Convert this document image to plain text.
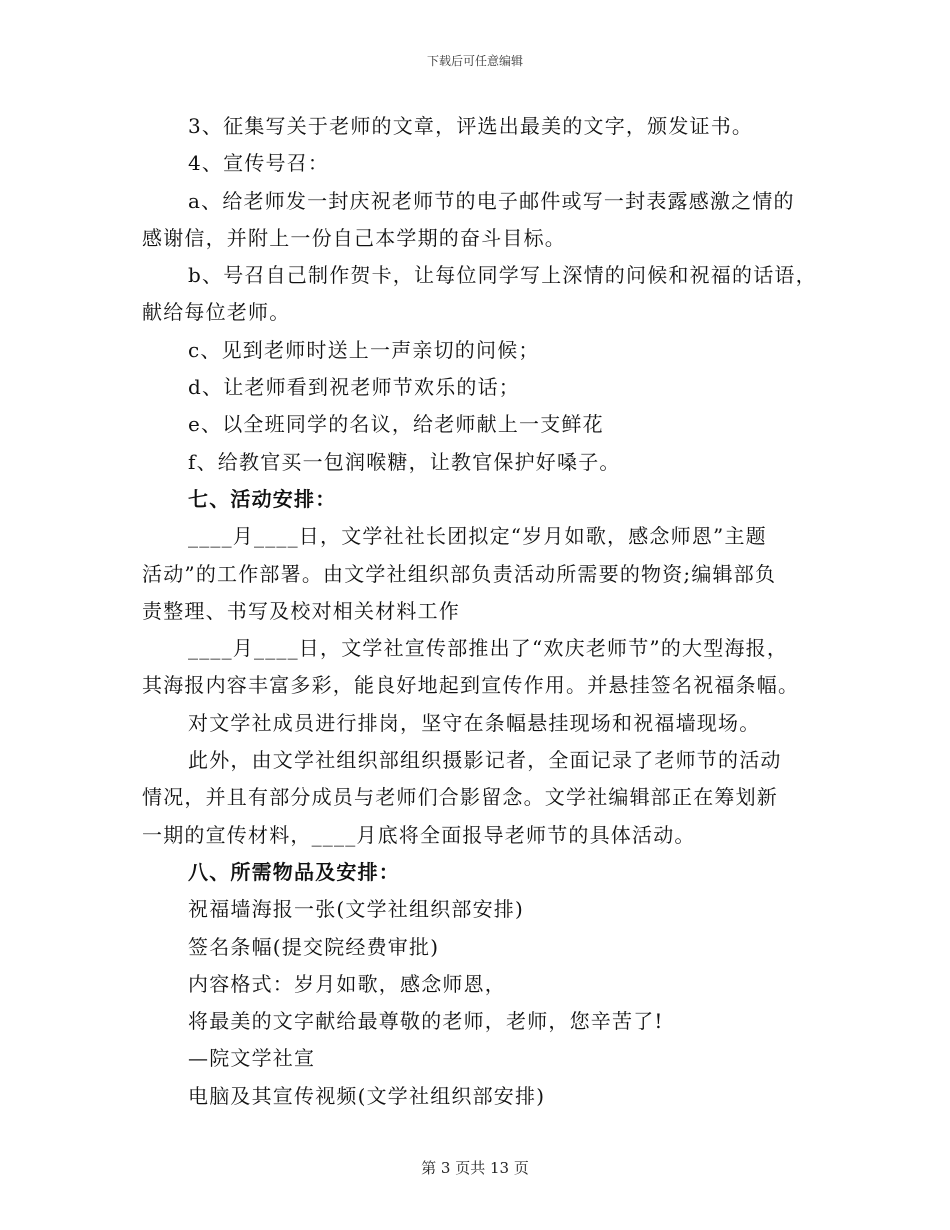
下载后可任意编辑
3、征集写关于老师的文章，评选出最美的文字，颁发证书。
4、宣传号召：
a、给老师发一封庆祝老师节的电子邮件或写一封表露感激之情的
感谢信，并附上一份自己本学期的奋斗目标。
b、号召自己制作贺卡，让每位同学写上深情的问候和祝福的话语，
献给每位老师。
c、见到老师时送上一声亲切的问候；
d、让老师看到祝老师节欢乐的话；
e、以全班同学的名议，给老师献上一支鲜花
f、给教官买一包润喉糖，让教官保护好嗓子。
七、活动安排：
____月____日，文学社社长团拟定“岁月如歌，感念师恩”主题
活动”的工作部署。由文学社组织部负责活动所需要的物资;编辑部负
责整理、书写及校对相关材料工作
____月____日，文学社宣传部推出了“欢庆老师节”的大型海报，
其海报内容丰富多彩，能良好地起到宣传作用。并悬挂签名祝福条幅。
对文学社成员进行排岗，坚守在条幅悬挂现场和祝福墙现场。
此外，由文学社组织部组织摄影记者，全面记录了老师节的活动
情况，并且有部分成员与老师们合影留念。文学社编辑部正在筹划新
一期的宣传材料，____月底将全面报导老师节的具体活动。
八、所需物品及安排：
祝福墙海报一张(文学社组织部安排)
签名条幅(提交院经费审批)
内容格式：岁月如歌，感念师恩，
将最美的文字献给最尊敬的老师，老师，您辛苦了!
—院文学社宣
电脑及其宣传视频(文学社组织部安排)
第 3 页共 13 页
